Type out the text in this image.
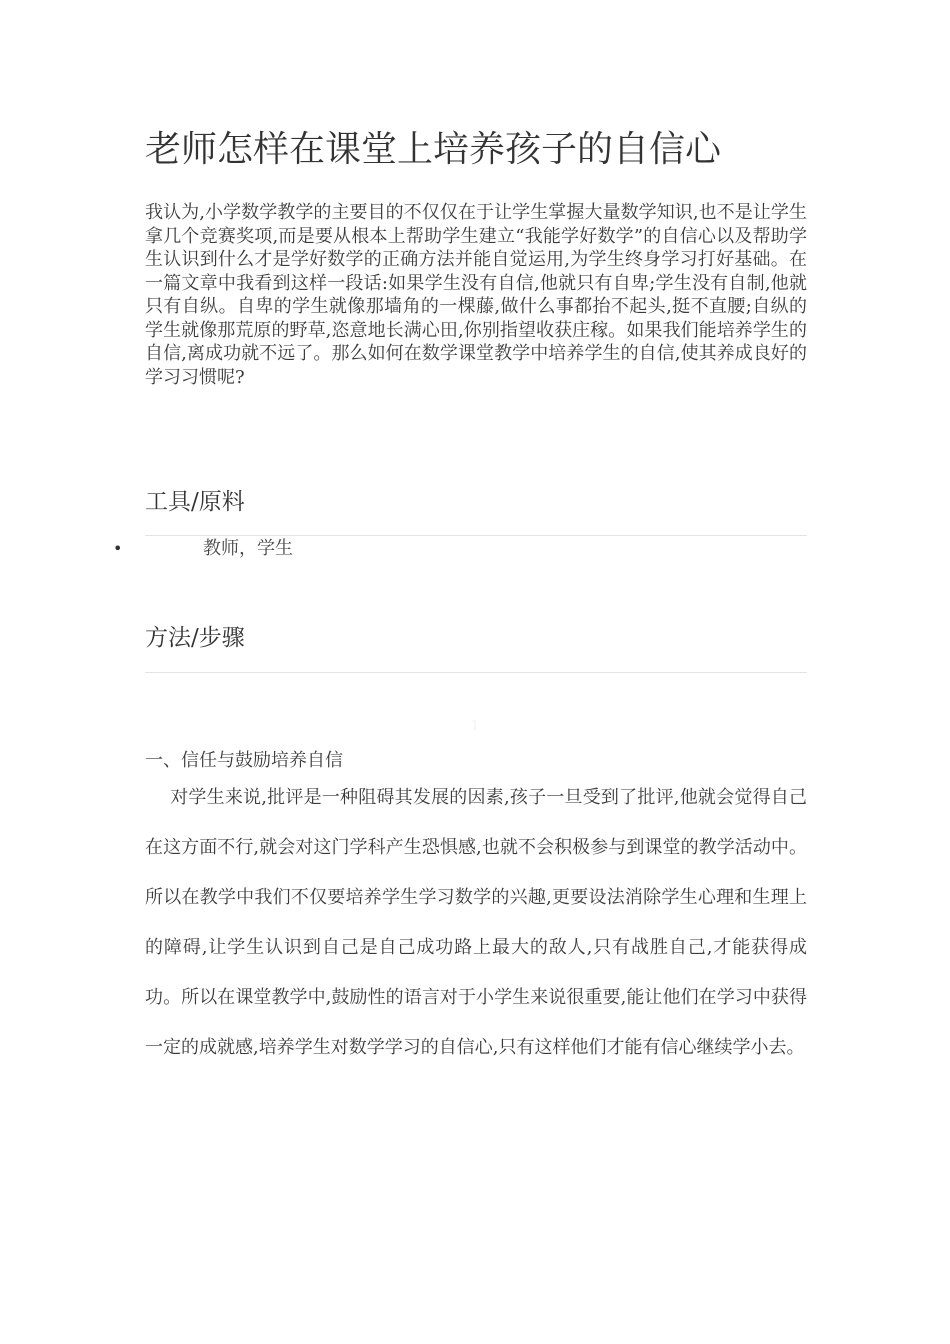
老师怎样在课堂上培养孩子的自信心

我认为,小学数学教学的主要目的不仅仅在于让学生掌握大量数学知识,也不是让学生拿几个竞赛奖项,而是要从根本上帮助学生建立“我能学好数学”的自信心以及帮助学生认识到什么才是学好数学的正确方法并能自觉运用,为学生终身学习打好基础。在一篇文章中我看到这样一段话:如果学生没有自信,他就只有自卑;学生没有自制,他就只有自纵。自卑的学生就像那墙角的一棵藤,做什么事都抬不起头,挺不直腰;自纵的学生就像那荒原的野草,恣意地长满心田,你别指望收获庄稼。如果我们能培养学生的自信,离成功就不远了。那么如何在数学课堂教学中培养学生的自信,使其养成良好的学习习惯呢?

工具/原料
•	教师，学生
方法/步骤
1

一、信任与鼓励培养自信

对学生来说,批评是一种阻碍其发展的因素,孩子一旦受到了批评,他就会觉得自己在这方面不行,就会对这门学科产生恐惧感,也就不会积极参与到课堂的教学活动中。所以在教学中我们不仅要培养学生学习数学的兴趣,更要设法消除学生心理和生理上的障碍,让学生认识到自己是自己成功路上最大的敌人,只有战胜自己,才能获得成功。所以在课堂教学中,鼓励性的语言对于小学生来说很重要,能让他们在学习中获得一定的成就感,培养学生对数学学习的自信心,只有这样他们才能有信心继续学小去。
